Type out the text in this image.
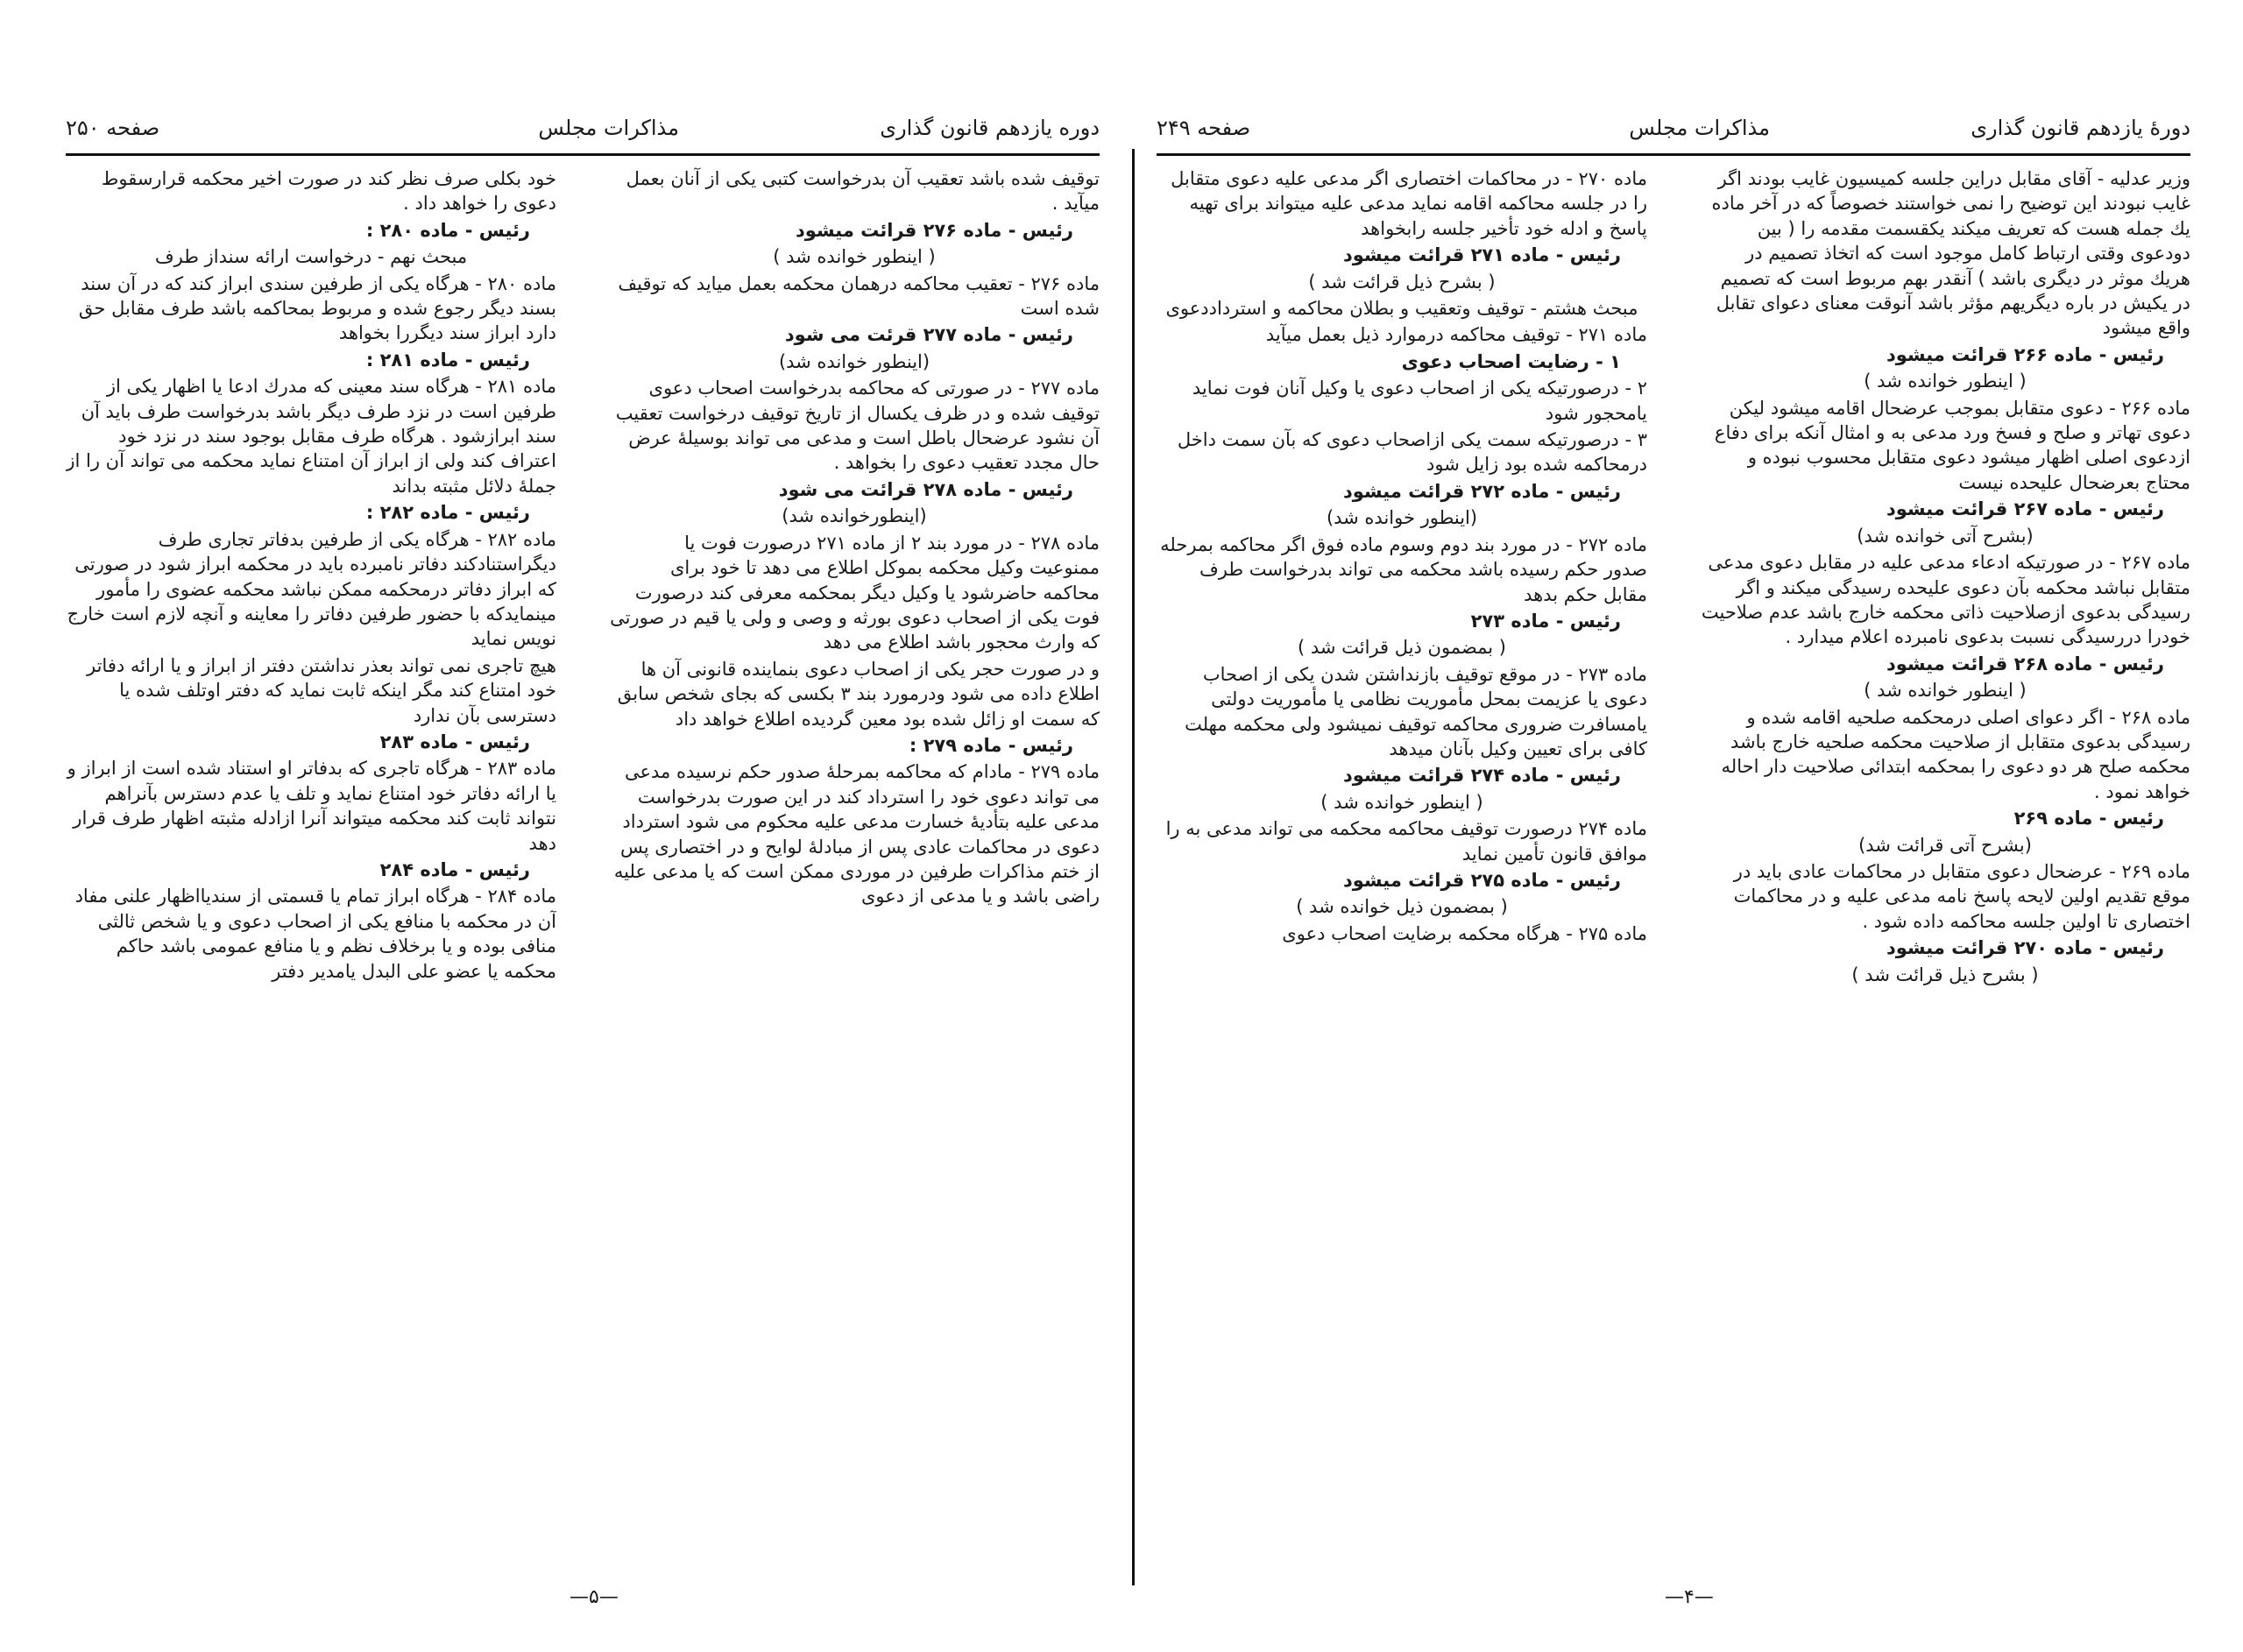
دوره یازدهم قانون گذاری
مذاکرات مجلس
صفحه ۲۵۰

توقیف شده باشد تعقیب آن بدرخواست کتبی یکی از آنان بعمل میآید .

رئیس - ماده ۲۷۶ قرائت میشود

( اینطور خوانده شد )

ماده ۲۷۶ - تعقیب محاکمه درهمان محکمه بعمل میاید که توقیف شده است

رئیس - ماده ۲۷۷ قرئت می شود

(اینطور خوانده شد)

ماده ۲۷۷ - در صورتی که محاکمه بدرخواست اصحاب دعوی توقیف شده و در ظرف یکسال از تاریخ توقیف درخواست تعقیب آن نشود عرضحال باطل است و مدعی می تواند بوسیلهٔ عرض حال مجدد تعقیب دعوی را بخواهد .

رئیس - ماده ۲۷۸ قرائت می شود

(اینطورخوانده شد)

ماده ۲۷۸ - در مورد بند ۲ از ماده ۲۷۱ درصورت فوت یا ممنوعیت وکیل محکمه بموکل اطلاع می دهد تا خود برای محاکمه حاضرشود یا وکیل دیگر بمحکمه معرفی کند درصورت فوت یکی از اصحاب دعوی بورثه و وصی و ولی یا قیم در صورتی که وارث محجور باشد اطلاع می دهد

و در صورت حجر یکی از اصحاب دعوی بنماینده قانونی آن ها اطلاع داده می شود ودرمورد بند ۳ بکسی که بجای شخص سابق که سمت او زائل شده بود معین گردیده اطلاع خواهد داد

رئیس - ماده ۲۷۹ :

ماده ۲۷۹ - مادام که محاکمه بمرحلهٔ صدور حکم نرسیده مدعی می تواند دعوی خود را استرداد کند در این صورت بدرخواست مدعی علیه بتأدیهٔ خسارت مدعی علیه محکوم می شود استرداد دعوی در محاکمات عادی پس از مبادلهٔ لوایح و در اختصاری پس از ختم مذاکرات طرفین در موردی ممکن است که یا مدعی علیه راضی باشد و یا مدعی از دعوی

خود بکلی صرف نظر کند در صورت اخیر محکمه قرارسقوط دعوی را خواهد داد .

رئیس - ماده ۲۸۰ :

مبحث نهم - درخواست ارائه سنداز طرف

ماده ۲۸۰ - هرگاه یکی از طرفین سندی ابراز کند که در آن سند بسند دیگر رجوع شده و مربوط بمحاکمه باشد طرف مقابل حق دارد ابراز سند دیگررا بخواهد

رئیس - ماده ۲۸۱ :

ماده ۲۸۱ - هرگاه سند معینی که مدرك ادعا یا اظهار یکی از طرفین است در نزد طرف دیگر باشد بدرخواست طرف باید آن سند ابرازشود . هرگاه طرف مقابل بوجود سند در نزد خود اعتراف کند ولی از ابراز آن امتناع نماید محکمه می تواند آن را از جملهٔ دلائل مثبته بداند

رئیس - ماده ۲۸۲ :

ماده ۲۸۲ - هرگاه یکی از طرفین بدفاتر تجاری طرف دیگراستنادکند دفاتر نامبرده باید در محکمه ابراز شود در صورتی که ابراز دفاتر درمحکمه ممکن نباشد محکمه عضوی را مأمور مینمایدکه با حضور طرفین دفاتر را معاینه و آنچه لازم است خارج نویس نماید

هیچ تاجری نمی تواند بعذر نداشتن دفتر از ابراز و یا ارائه دفاتر خود امتناع کند مگر اینکه ثابت نماید که دفتر اوتلف شده یا دسترسی بآن ندارد

رئیس - ماده ۲۸۳

ماده ۲۸۳ - هرگاه تاجری که بدفاتر او استناد شده است از ابراز و یا ارائه دفاتر خود امتناع نماید و تلف یا عدم دسترس بآنراهم نتواند ثابت کند محکمه میتواند آنرا ازادله مثبته اظهار طرف قرار دهد

رئیس - ماده ۲۸۴

ماده ۲۸۴ - هرگاه ابراز تمام یا قسمتی از سندیااظهار علنی مفاد آن در محکمه با منافع یکی از اصحاب دعوی و یا شخص ثالثی منافی بوده و یا برخلاف نظم و یا منافع عمومی باشد حاکم محکمه یا عضو علی البدل یامدیر دفتر

دورهٔ یازدهم قانون گذاری
مذاکرات مجلس
صفحه ۲۴۹

وزیر عدلیه - آقای مقابل دراین جلسه کمیسیون غایب بودند اگر غایب نبودند این توضیح را نمی خواستند خصوصاً که در آخر ماده یك جمله هست که تعریف میکند یکقسمت مقدمه را ( بین دودعوی وقتی ارتباط کامل موجود است که اتخاذ تصمیم در هریك موثر در دیگری باشد ) آنقدر بهم مربوط است که تصمیم در یکیش در باره دیگریهم مؤثر باشد آنوقت معنای دعوای تقابل واقع میشود

رئیس - ماده ۲۶۶ قرائت میشود

( اینطور خوانده شد )

ماده ۲۶۶ - دعوی متقابل بموجب عرضحال اقامه میشود لیکن دعوی تهاتر و صلح و فسخ ورد مدعی به و امثال آنکه برای دفاع ازدعوی اصلی اظهار میشود دعوی متقابل محسوب نبوده و محتاج بعرضحال علیحده نیست

رئیس - ماده ۲۶۷ قرائت میشود

(بشرح آتی خوانده شد)

ماده ۲۶۷ - در صورتیکه ادعاء مدعی علیه در مقابل دعوی مدعی متقابل نباشد محکمه بآن دعوی علیحده رسیدگی میکند و اگر رسیدگی بدعوی ازصلاحیت ذاتی محکمه خارج باشد عدم صلاحیت خودرا دررسیدگی نسبت بدعوی نامبرده اعلام میدارد .

رئیس - ماده ۲۶۸ قرائت میشود

( اینطور خوانده شد )

ماده ۲۶۸ - اگر دعوای اصلی درمحکمه صلحیه اقامه شده و رسیدگی بدعوی متقابل از صلاحیت محکمه صلحیه خارج باشد محکمه صلح هر دو دعوی را بمحکمه ابتدائی صلاحیت دار احاله خواهد نمود .

رئیس - ماده ۲۶۹

(بشرح آتی قرائت شد)

ماده ۲۶۹ - عرضحال دعوی متقابل در محاکمات عادی باید در موقع تقدیم اولین لایحه پاسخ نامه مدعی علیه و در محاکمات اختصاری تا اولین جلسه محاکمه داده شود .

رئیس - ماده ۲۷۰ قرائت میشود

( بشرح ذیل قرائت شد )

ماده ۲۷۰ - در محاکمات اختصاری اگر مدعی علیه دعوی متقابل را در جلسه محاکمه اقامه نماید مدعی علیه میتواند برای تهیه پاسخ و ادله خود تأخیر جلسه رابخواهد

رئیس - ماده ۲۷۱ قرائت میشود

( بشرح ذیل قرائت شد )

مبحث هشتم - توقیف وتعقیب و بطلان محاکمه و استرداددعوی

ماده ۲۷۱ - توقیف محاکمه درموارد ذیل بعمل میآید

۱ - رضایت اصحاب دعوی

۲ - درصورتیکه یکی از اصحاب دعوی یا وکیل آنان فوت نماید یامحجور شود

۳ - درصورتیکه سمت یکی ازاصحاب دعوی که بآن سمت داخل درمحاکمه شده بود زایل شود

رئیس - ماده ۲۷۲ قرائت میشود

(اینطور خوانده شد)

ماده ۲۷۲ - در مورد بند دوم وسوم ماده فوق اگر محاکمه بمرحله صدور حکم رسیده باشد محکمه می تواند بدرخواست طرف مقابل حکم بدهد

رئیس - ماده ۲۷۳

( بمضمون ذیل قرائت شد )

ماده ۲۷۳ - در موقع توقیف بازنداشتن شدن یکی از اصحاب دعوی یا عزیمت بمحل مأموریت نظامی یا مأموریت دولتی یامسافرت ضروری محاکمه توقیف نمیشود ولی محکمه مهلت کافی برای تعیین وکیل بآنان میدهد

رئیس - ماده ۲۷۴ قرائت میشود

( اینطور خوانده شد )

ماده ۲۷۴ درصورت توقیف محاکمه محکمه می تواند مدعی به را موافق قانون تأمین نماید

رئیس - ماده ۲۷۵ قرائت میشود

( بمضمون ذیل خوانده شد )

ماده ۲۷۵ - هرگاه محکمه برضایت اصحاب دعوی

—۵—	—۴—
